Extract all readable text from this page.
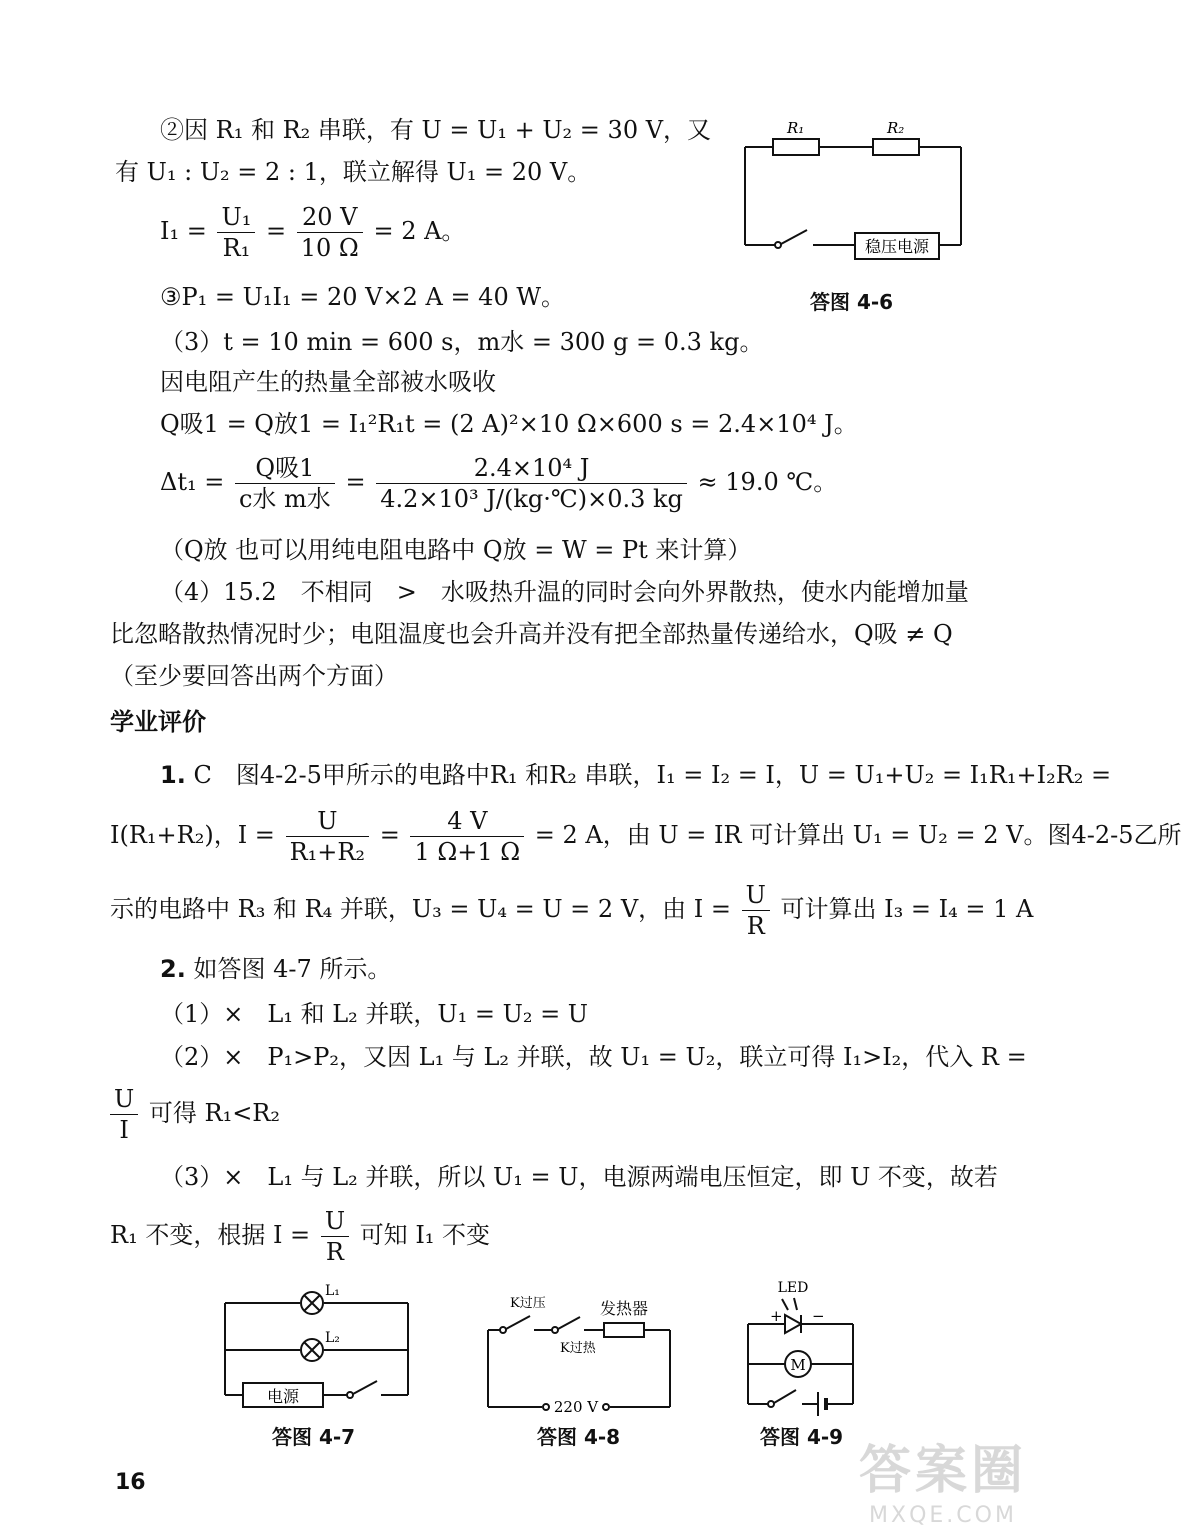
②因 R₁ 和 R₂ 串联，有 U = U₁ + U₂ = 30 V，又
有 U₁ : U₂ = 2 : 1，联立解得 U₁ = 20 V。
$I_1 = \frac{\text{U₁}}{\text{R₁}} = \frac{20 V}{10 \Omega} = 2$ A。
③P₁ = U₁I₁ = 20 V×2 A = 40 W。
（3）t = 10 min = 600 s，m水 = 300 g = 0.3 kg。
因电阻产生的热量全部被水吸收
Q吸1 = Q放1 = I₁²R₁t = (2 A)²×10 Ω×600 s = 2.4×10⁴ J。
$\Delta t_1 = \frac{\text{Q吸1}}{\text{c水 m水}} = \frac{\text{2.4×10⁴ J}}{\text{4.2×10³ J/(kg·℃)×0.3 kg}} \approx 19.0$ ℃。
（Q放 也可以用纯电阻电路中 Q放 = W = Pt 来计算）
（4）15.2　不相同　>　水吸热升温的同时会向外界散热，使水内能增加量
比忽略散热情况时少；电阻温度也会升高并没有把全部热量传递给水，Q吸 ≠ Q
（至少要回答出两个方面）
学业评价
1. C　图4-2-5甲所示的电路中R₁ 和R₂ 串联，I₁ = I₂ = I，U = U₁+U₂ = I₁R₁+I₂R₂ =
I(R₁+R₂)，$I = \frac{U}{\text{R₁+R₂}} = \frac{4 V}{1 \Omega+1 \Omega} = 2$ A，由 U = IR 可计算出 U₁ = U₂ = 2 V。图4-2-5乙所
示的电路中 R₃ 和 R₄ 并联，U₃ = U₄ = U = 2 V，由 $I = \frac{U}{R}$ 可计算出 I₃ = I₄ = 1 A
2. 如答图 4-7 所示。
（1）×　L₁ 和 L₂ 并联，U₁ = U₂ = U
（2）×　P₁>P₂，又因 L₁ 与 L₂ 并联，故 U₁ = U₂，联立可得 I₁>I₂，代入 R =
$\frac{U}{I}$ 可得 R₁<R₂
（3）×　L₁ 与 L₂ 并联，所以 U₁ = U，电源两端电压恒定，即 U 不变，故若
R₁ 不变，根据 $I = \frac{U}{R}$ 可知 I₁ 不变
R₁	R₂
稳压电源
答图 4-6
L₁
L₂
电源
答图 4-7
K过压
K过热
发热器
220 V
答图 4-8
LED
+ −
M
答图 4-9
16	答案圈
MXQE.COM
